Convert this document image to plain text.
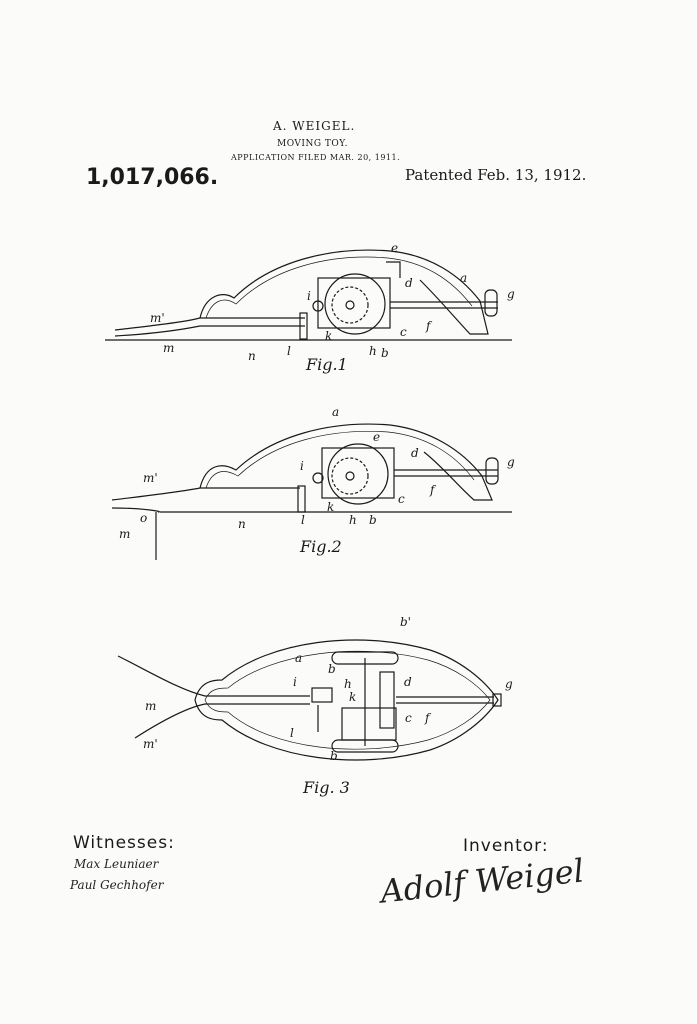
A. WEIGEL.
MOVING TOY.
APPLICATION FILED MAR. 20, 1911.
1,017,066.	Patented Feb. 13, 1912.
e
a
g
d
i
f
c
k
h b
l
n
m'
m
Fig.1
a
e
d
g
i
f
c
k
h b
l
n
m'
o
m
Fig.2
b'
a
b
d	g
i	h
k
f
c
m
l
m'
b
Fig. 3
Witnesses:
Max Leuniaer
Paul Gechhofer
Inventor:
Adolf Weigel
